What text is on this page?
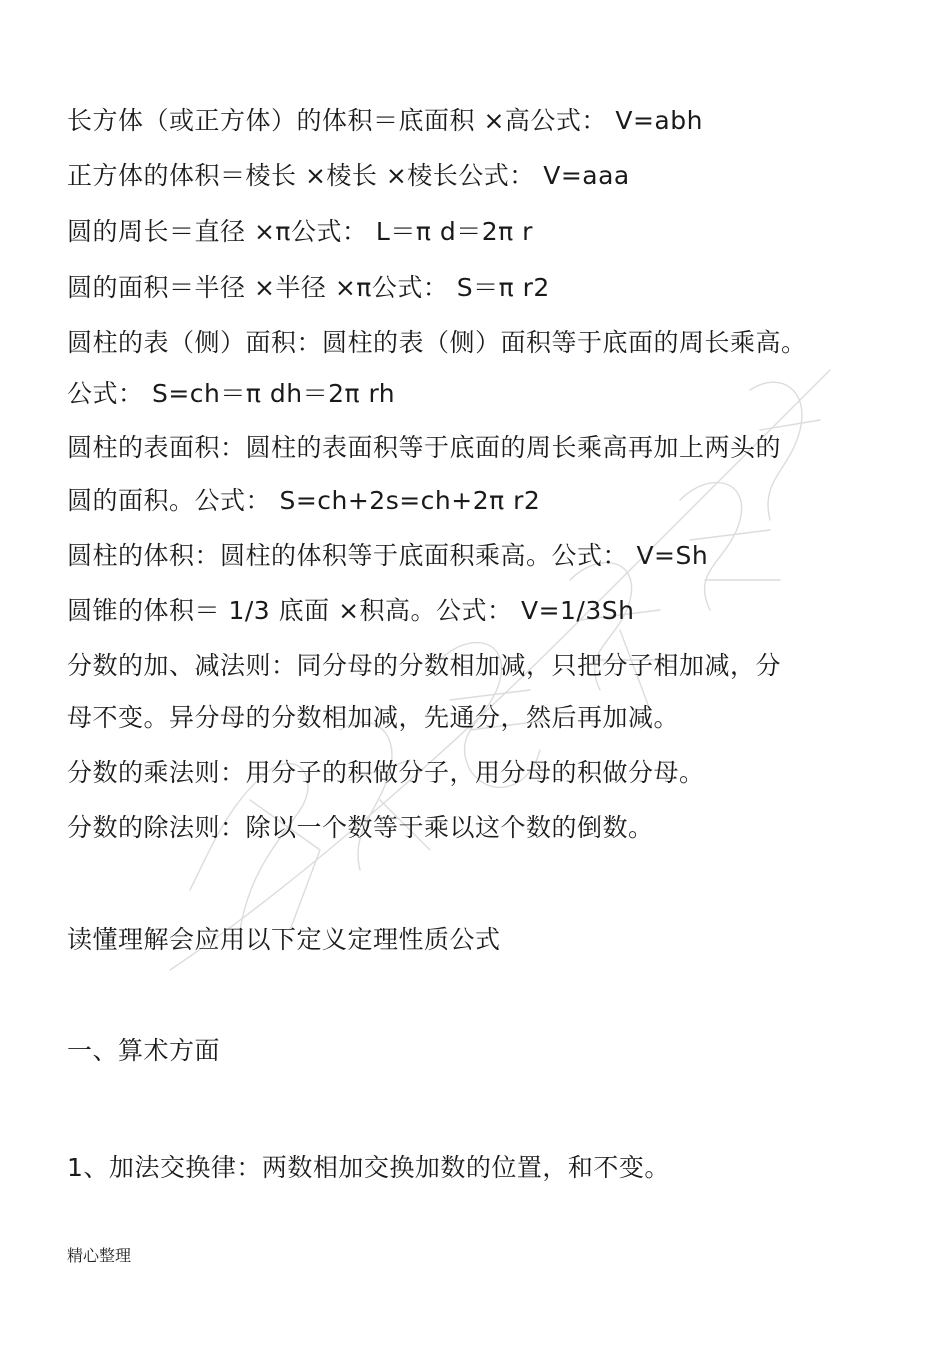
长方体（或正方体）的体积＝底面积 ×高公式： V=abh
正方体的体积＝棱长 ×棱长 ×棱长公式： V=aaa
圆的周长＝直径 ×π公式： L＝π d＝2π r
圆的面积＝半径 ×半径 ×π公式： S＝π r2
圆柱的表（侧）面积：圆柱的表（侧）面积等于底面的周长乘高。
公式： S=ch＝π dh＝2π rh
圆柱的表面积：圆柱的表面积等于底面的周长乘高再加上两头的
圆的面积。公式： S=ch+2s=ch+2π r2
圆柱的体积：圆柱的体积等于底面积乘高。公式： V=Sh
圆锥的体积＝ 1/3 底面 ×积高。公式： V=1/3Sh
分数的加、减法则：同分母的分数相加减，只把分子相加减，分
母不变。异分母的分数相加减，先通分，然后再加减。
分数的乘法则：用分子的积做分子，用分母的积做分母。
分数的除法则：除以一个数等于乘以这个数的倒数。
读懂理解会应用以下定义定理性质公式
一、算术方面
1、加法交换律：两数相加交换加数的位置，和不变。
精心整理
